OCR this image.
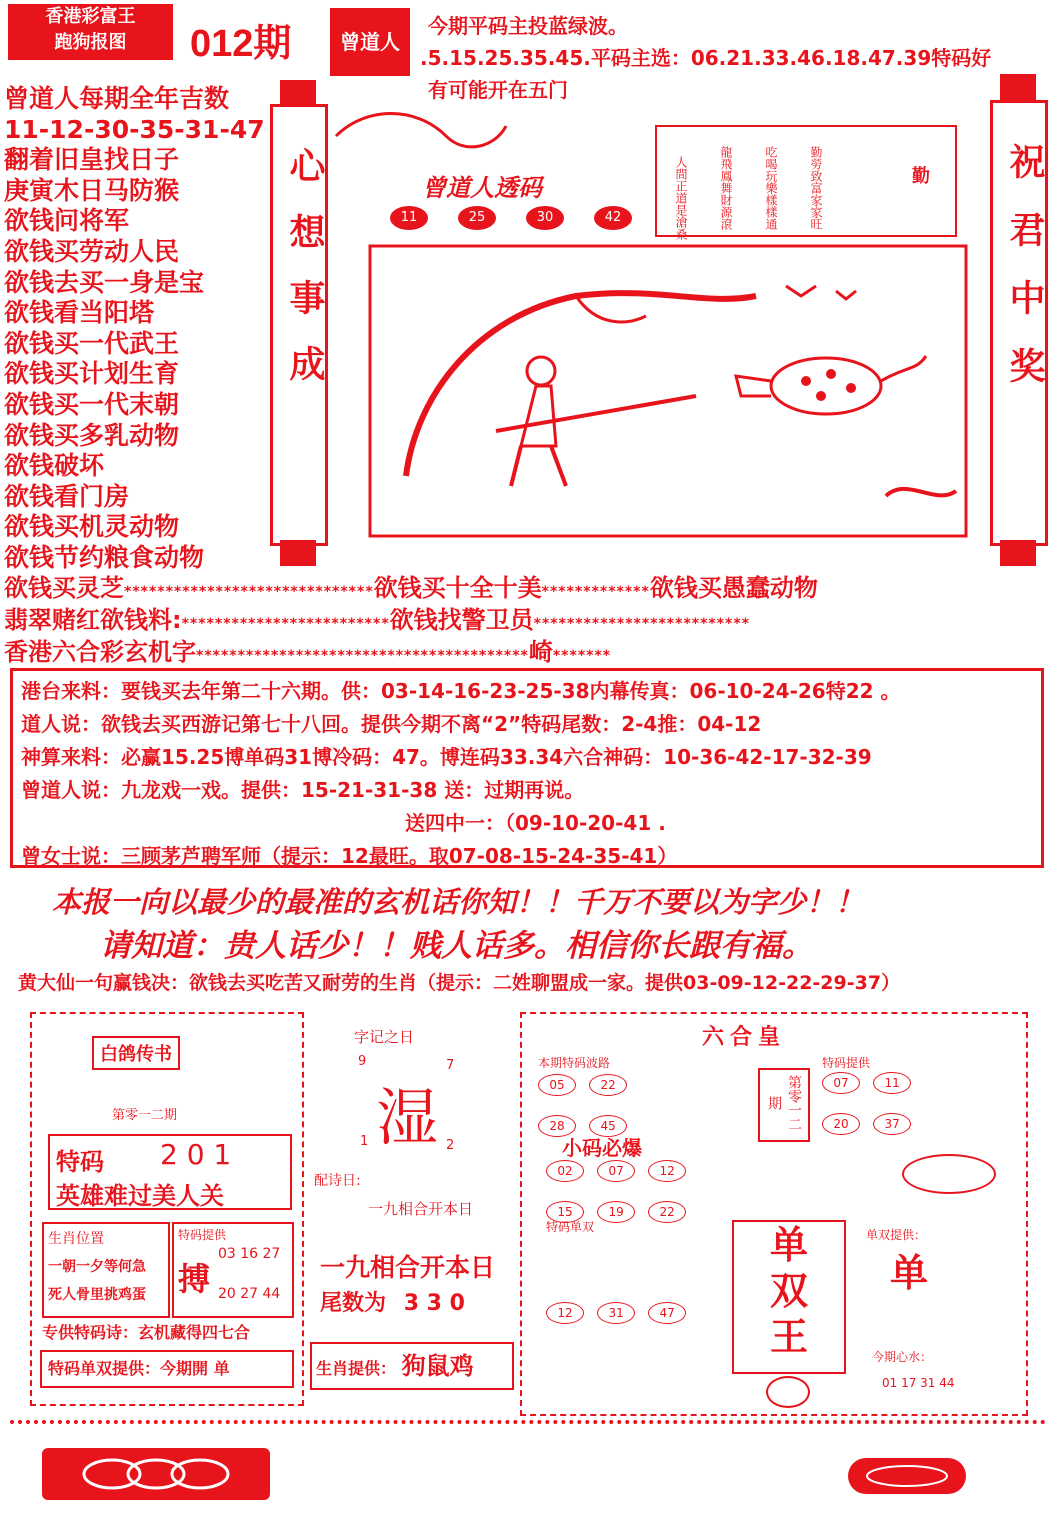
香港彩富王
跑狗报图	012期	曾道人
今期平码主投蓝绿波。
.5.15.25.35.45.平码主选：06.21.33.46.18.47.39特码好
有可能开在五门
曾道人每期全年吉数
11-12-30-35-31-47
翻着旧皇找日子
庚寅木日马防猴
欲钱问将军
欲钱买劳动人民
欲钱去买一身是宝
欲钱看当阳塔
欲钱买一代武王
欲钱买计划生育
欲钱买一代末朝
欲钱买多乳动物
欲钱破坏
欲钱看门房
欲钱买机灵动物
欲钱节约粮食动物
心想事成	人間正道是滄桑	龍飛鳳舞財源滾	吃喝玩樂樣樣通	勤勞致富家家旺
曾道人透码
11	25	30	42
勤 祝君中奖
欲钱买灵芝******************************欲钱买十全十美*************欲钱买愚蠢动物
翡翠赌红欲钱料:*************************欲钱找警卫员**************************
香港六合彩玄机字****************************************崎*******
港台来料：要钱买去年第二十六期。供：03-14-16-23-25-38内幕传真：06-10-24-26特22 。
道人说：欲钱去买西游记第七十八回。提供今期不离“2”特码尾数：2-4推：04-12
神算来料：必赢15.25博单码31博冷码：47。博连码33.34六合神码：10-36-42-17-32-39
曾道人说：九龙戏一戏。提供：15-21-31-38 送：过期再说。
送四中一：（09-10-20-41 .
曾女士说：三顾茅芦聘军师（提示：12最旺。取07-08-15-24-35-41）
本报一向以最少的最准的玄机话你知！！千万不要以为字少！！
请知道：贵人话少！！贱人话多。相信你长跟有福。
黄大仙一句赢钱决：欲钱去买吃苦又耐劳的生肖（提示：二姓聊盟成一家。提供03-09-12-22-29-37）
白鸽传书
第零一二期
特码 2 0 1
英雄难过美人关
生肖位置
一朝一夕等何急
死人骨里挑鸡蛋
特码提供
搏
03 16 27
20 27 44
专供特码诗：玄机藏得四七合
特码单双提供：今期開 单
字记之日
9	7
湿
1	2
配诗日:
一九相合开本日
一九相合开本日
尾数为 3 3 0
生肖提供： 狗鼠鸡
六合皇
本期特码波路
05	22

28	45	第零一二期
特码提供
07	11

20	37
小码必爆
02	07	12

15	19	22
特码单双
12	31	47
单
双
王
单双提供：
单
今期心水：
01 17 31 44
